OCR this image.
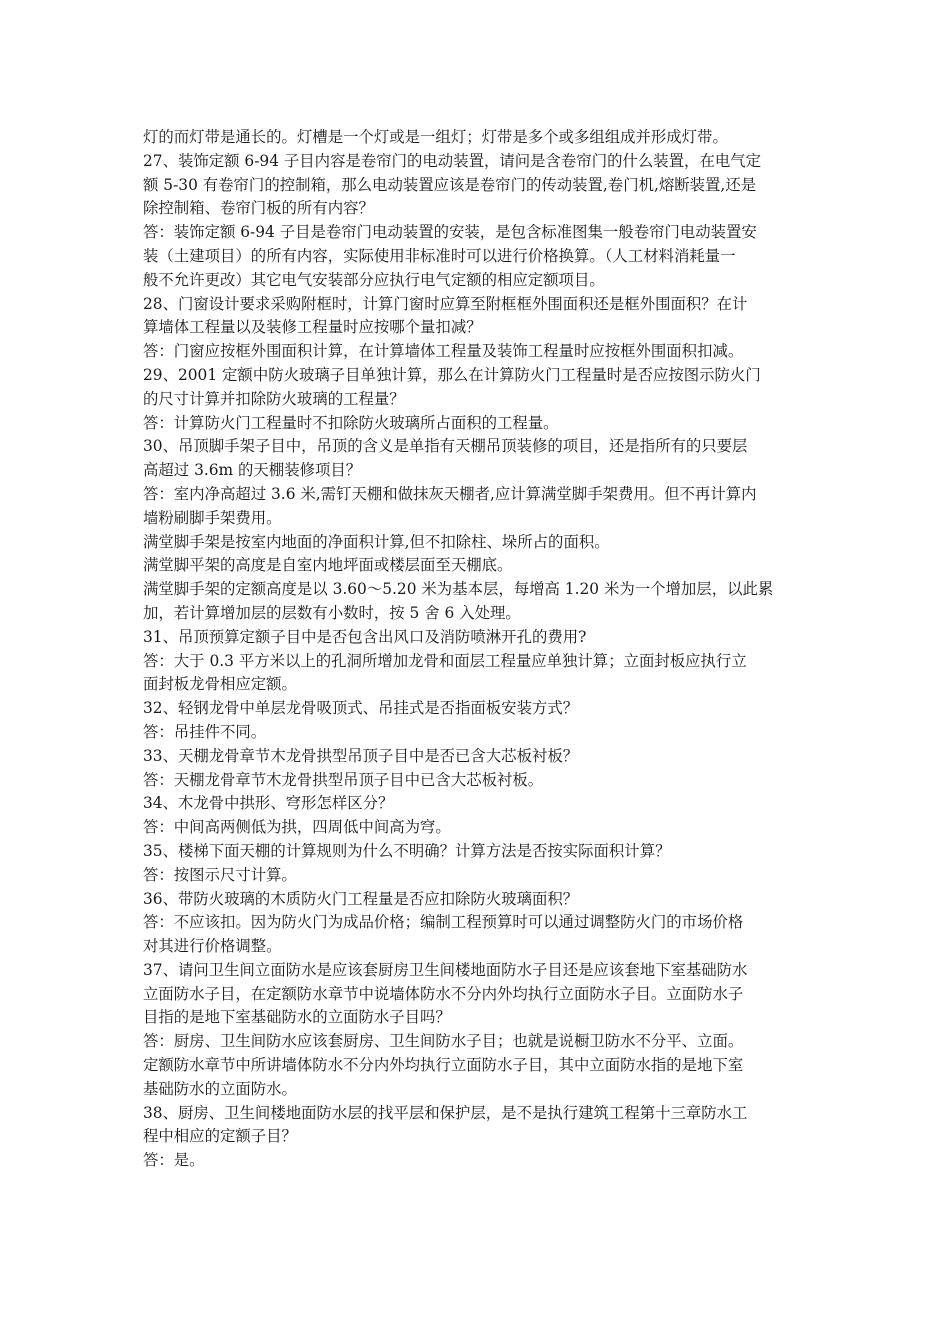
灯的而灯带是通长的。灯槽是一个灯或是一组灯；灯带是多个或多组组成并形成灯带。
27、装饰定额 6-94 子目内容是卷帘门的电动装置，请问是含卷帘门的什么装置，在电气定
额 5-30 有卷帘门的控制箱，那么电动装置应该是卷帘门的传动装置,卷门机,熔断装置,还是
除控制箱、卷帘门板的所有内容？
答：装饰定额 6-94 子目是卷帘门电动装置的安装，是包含标准图集一般卷帘门电动装置安
装（土建项目）的所有内容，实际使用非标准时可以进行价格换算。（人工材料消耗量一
般不允许更改）其它电气安装部分应执行电气定额的相应定额项目。
28、门窗设计要求采购附框时，计算门窗时应算至附框框外围面积还是框外围面积？在计
算墙体工程量以及装修工程量时应按哪个量扣减？
答：门窗应按框外围面积计算，在计算墙体工程量及装饰工程量时应按框外围面积扣减。
29、2001 定额中防火玻璃子目单独计算，那么在计算防火门工程量时是否应按图示防火门
的尺寸计算并扣除防火玻璃的工程量？
答：计算防火门工程量时不扣除防火玻璃所占面积的工程量。
30、吊顶脚手架子目中，吊顶的含义是单指有天棚吊顶装修的项目，还是指所有的只要层
高超过 3.6m 的天棚装修项目？
答：室内净高超过 3.6 米,需钉天棚和做抹灰天棚者,应计算满堂脚手架费用。但不再计算内
墙粉刷脚手架费用。
满堂脚手架是按室内地面的净面积计算,但不扣除柱、垛所占的面积。
满堂脚平架的高度是自室内地坪面或楼层面至天棚底。
满堂脚手架的定额高度是以 3.60～5.20 米为基本层，每增高 1.20 米为一个增加层，以此累
加，若计算增加层的层数有小数时，按 5 舍 6 入处理。
31、吊顶预算定额子目中是否包含出风口及消防喷淋开孔的费用?
答：大于 0.3 平方米以上的孔洞所增加龙骨和面层工程量应单独计算；立面封板应执行立
面封板龙骨相应定额。
32、轻钢龙骨中单层龙骨吸顶式、吊挂式是否指面板安装方式？
答：吊挂件不同。
33、天棚龙骨章节木龙骨拱型吊顶子目中是否已含大芯板衬板？
答：天棚龙骨章节木龙骨拱型吊顶子目中已含大芯板衬板。
34、木龙骨中拱形、穹形怎样区分？
答：中间高两侧低为拱，四周低中间高为穹。
35、楼梯下面天棚的计算规则为什么不明确？计算方法是否按实际面积计算？
答：按图示尺寸计算。
36、带防火玻璃的木质防火门工程量是否应扣除防火玻璃面积？
答：不应该扣。因为防火门为成品价格；编制工程预算时可以通过调整防火门的市场价格
对其进行价格调整。
37、请问卫生间立面防水是应该套厨房卫生间楼地面防水子目还是应该套地下室基础防水
立面防水子目，在定额防水章节中说墙体防水不分内外均执行立面防水子目。立面防水子
目指的是地下室基础防水的立面防水子目吗？
答：厨房、卫生间防水应该套厨房、卫生间防水子目；也就是说橱卫防水不分平、立面。
定额防水章节中所讲墙体防水不分内外均执行立面防水子目，其中立面防水指的是地下室
基础防水的立面防水。
38、厨房、卫生间楼地面防水层的找平层和保护层，是不是执行建筑工程第十三章防水工
程中相应的定额子目？
答：是。
